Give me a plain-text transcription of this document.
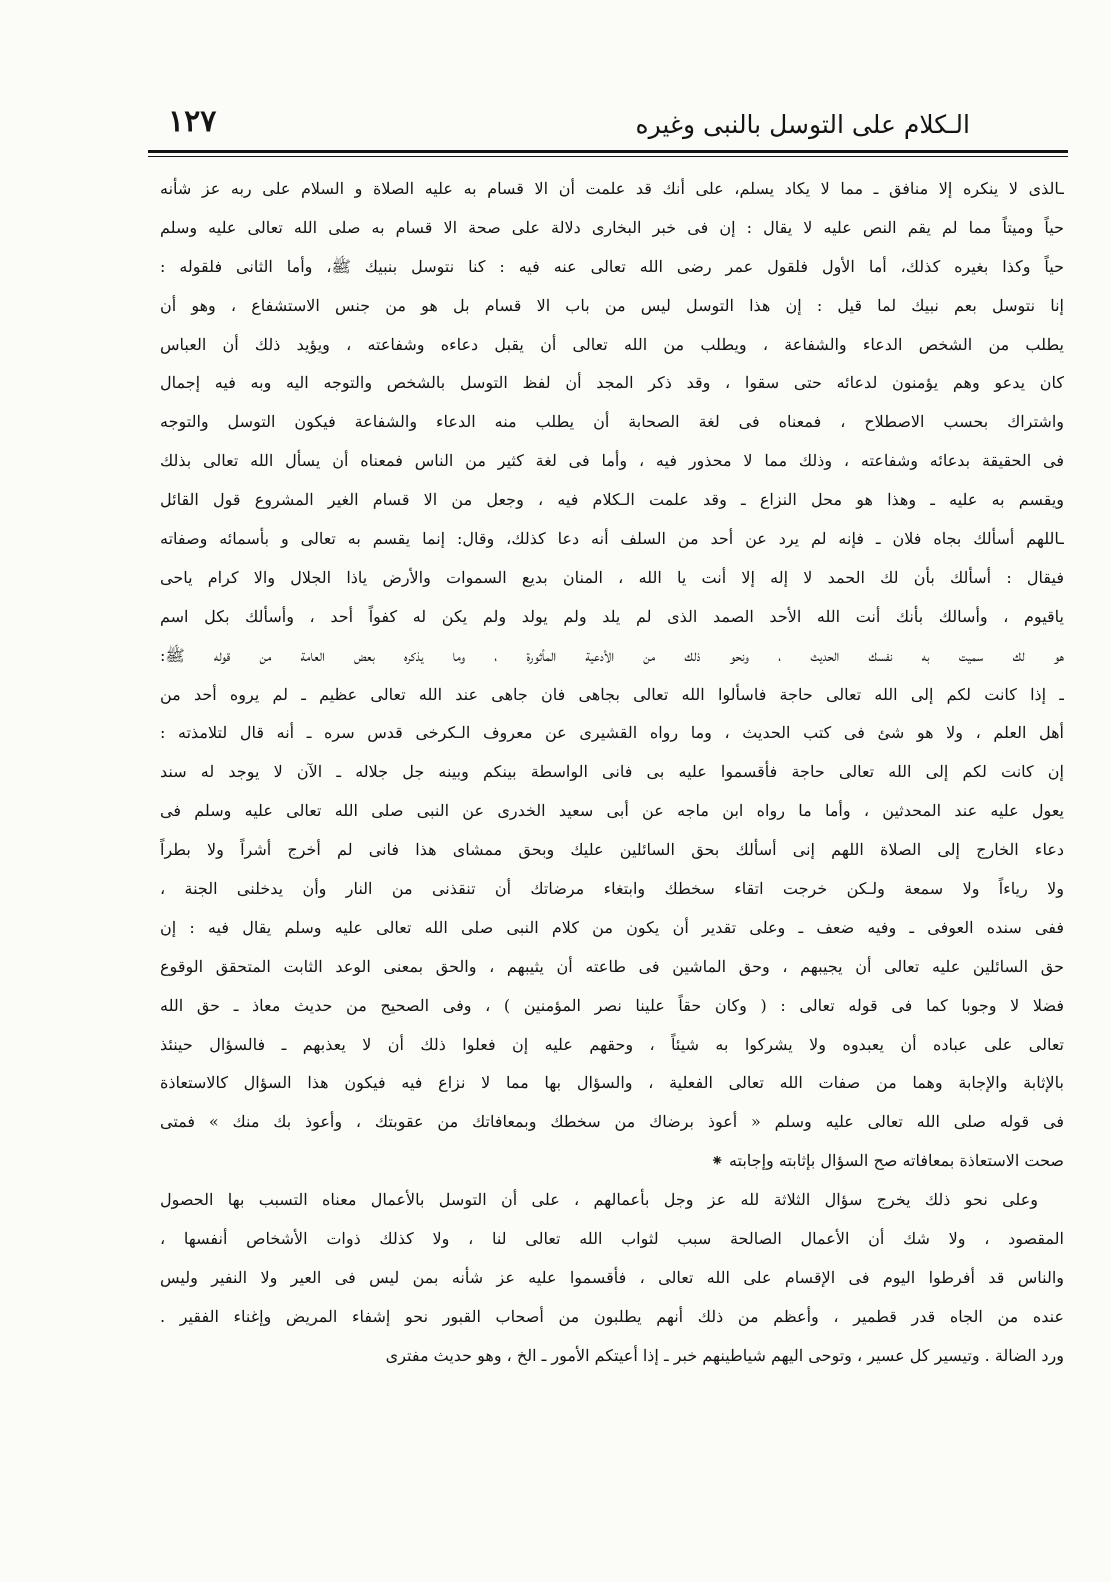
الـكلام على التوسل بالنبى وغيره
١٢٧
ـالذى لا ينكره إلا منافق ـ مما لا يكاد يسلم، على أنك قد علمت أن الا قسام به عليه الصلاة و السلام على ربه عز شأنه
حياً وميتاً مما لم يقم النص عليه لا يقال : إن فى خبر البخارى دلالة على صحة الا قسام به صلى الله تعالى عليه وسلم
حياً وكذا بغيره كذلك، أما الأول فلقول عمر رضى الله تعالى عنه فيه : كنا نتوسل بنبيك ﷺ، وأما الثانى فلقوله :
إنا نتوسل بعم نبيك لما قيل : إن هذا التوسل ليس من باب الا قسام بل هو من جنس الاستشفاع ، وهو أن
يطلب من الشخص الدعاء والشفاعة ، ويطلب من الله تعالى أن يقبل دعاءه وشفاعته ، ويؤيد ذلك أن العباس
كان يدعو وهم يؤمنون لدعائه حتى سقوا ، وقد ذكر المجد أن لفظ التوسل بالشخص والتوجه اليه وبه فيه إجمال
واشتراك بحسب الاصطلاح ، فمعناه فى لغة الصحابة أن يطلب منه الدعاء والشفاعة فيكون التوسل والتوجه
فى الحقيقة بدعائه وشفاعته ، وذلك مما لا محذور فيه ، وأما فى لغة كثير من الناس فمعناه أن يسأل الله تعالى بذلك
ويقسم به عليه ـ وهذا هو محل النزاع ـ وقد علمت الـكلام فيه ، وجعل من الا قسام الغير المشروع قول القائل
ـاللهم أسألك بجاه فلان ـ فإنه لم يرد عن أحد من السلف أنه دعا كذلك، وقال: إنما يقسم به تعالى و بأسمائه وصفاته
فيقال : أسألك بأن لك الحمد لا إله إلا أنت يا الله ، المنان بديع السموات والأرض ياذا الجلال والا كرام ياحى
ياقيوم ، وأسالك بأنك أنت الله الأحد الصمد الذى لم يلد ولم يولد ولم يكن له كفواً أحد ، وأسألك بكل اسم
هو لك سميت به نفسك الحديث ، ونحو ذلك من الأدعية المأثورة ، وما يذكره بعض العامة من قوله ﷺ:
ـ إذا كانت لكم إلى الله تعالى حاجة فاسألوا الله تعالى بجاهى فان جاهى عند الله تعالى عظيم ـ لم يروه أحد من
أهل العلم ، ولا هو شئ فى كتب الحديث ، وما رواه القشيرى عن معروف الـكرخى قدس سره ـ أنه قال لتلامذته :
إن كانت لكم إلى الله تعالى حاجة فأقسموا عليه بى فانى الواسطة بينكم وبينه جل جلاله ـ الآن لا يوجد له سند
يعول عليه عند المحدثين ، وأما ما رواه ابن ماجه عن أبى سعيد الخدرى عن النبى صلى الله تعالى عليه وسلم فى
دعاء الخارج إلى الصلاة اللهم إنى أسألك بحق السائلين عليك وبحق ممشاى هذا فانى لم أخرج أشراً ولا بطراً
ولا رياءاً ولا سمعة ولـكن خرجت اتقاء سخطك وابتغاء مرضاتك أن تنقذنى من النار وأن يدخلنى الجنة ،
ففى سنده العوفى ـ وفيه ضعف ـ وعلى تقدير أن يكون من كلام النبى صلى الله تعالى عليه وسلم يقال فيه : إن
حق السائلين عليه تعالى أن يجيبهم ، وحق الماشين فى طاعته أن يثيبهم ، والحق بمعنى الوعد الثابت المتحقق الوقوع
فضلا لا وجوبا كما فى قوله تعالى : ( وكان حقاً علينا نصر المؤمنين ) ، وفى الصحيح من حديث معاذ ـ حق الله
تعالى على عباده أن يعبدوه ولا يشركوا به شيئاً ، وحقهم عليه إن فعلوا ذلك أن لا يعذبهم ـ فالسؤال حينئذ
بالإثابة والإجابة وهما من صفات الله تعالى الفعلية ، والسؤال بها مما لا نزاع فيه فيكون هذا السؤال كالاستعاذة
فى قوله صلى الله تعالى عليه وسلم « أعوذ برضاك من سخطك وبمعافاتك من عقوبتك ، وأعوذ بك منك » فمتى
صحت الاستعاذة بمعافاته صح السؤال بإثابته وإجابته ⁕
وعلى نحو ذلك يخرج سؤال الثلاثة لله عز وجل بأعمالهم ، على أن التوسل بالأعمال معناه التسبب بها الحصول
المقصود ، ولا شك أن الأعمال الصالحة سبب لثواب الله تعالى لنا ، ولا كذلك ذوات الأشخاص أنفسها ،
والناس قد أفرطوا اليوم فى الإقسام على الله تعالى ، فأقسموا عليه عز شأنه بمن ليس فى العير ولا النفير وليس
عنده من الجاه قدر قطمير ، وأعظم من ذلك أنهم يطلبون من أصحاب القبور نحو إشفاء المريض وإغناء الفقير .
ورد الضالة . وتيسير كل عسير ، وتوحى اليهم شياطينهم خبر ـ إذا أعيتكم الأمور ـ الخ ، وهو حديث مفترى
